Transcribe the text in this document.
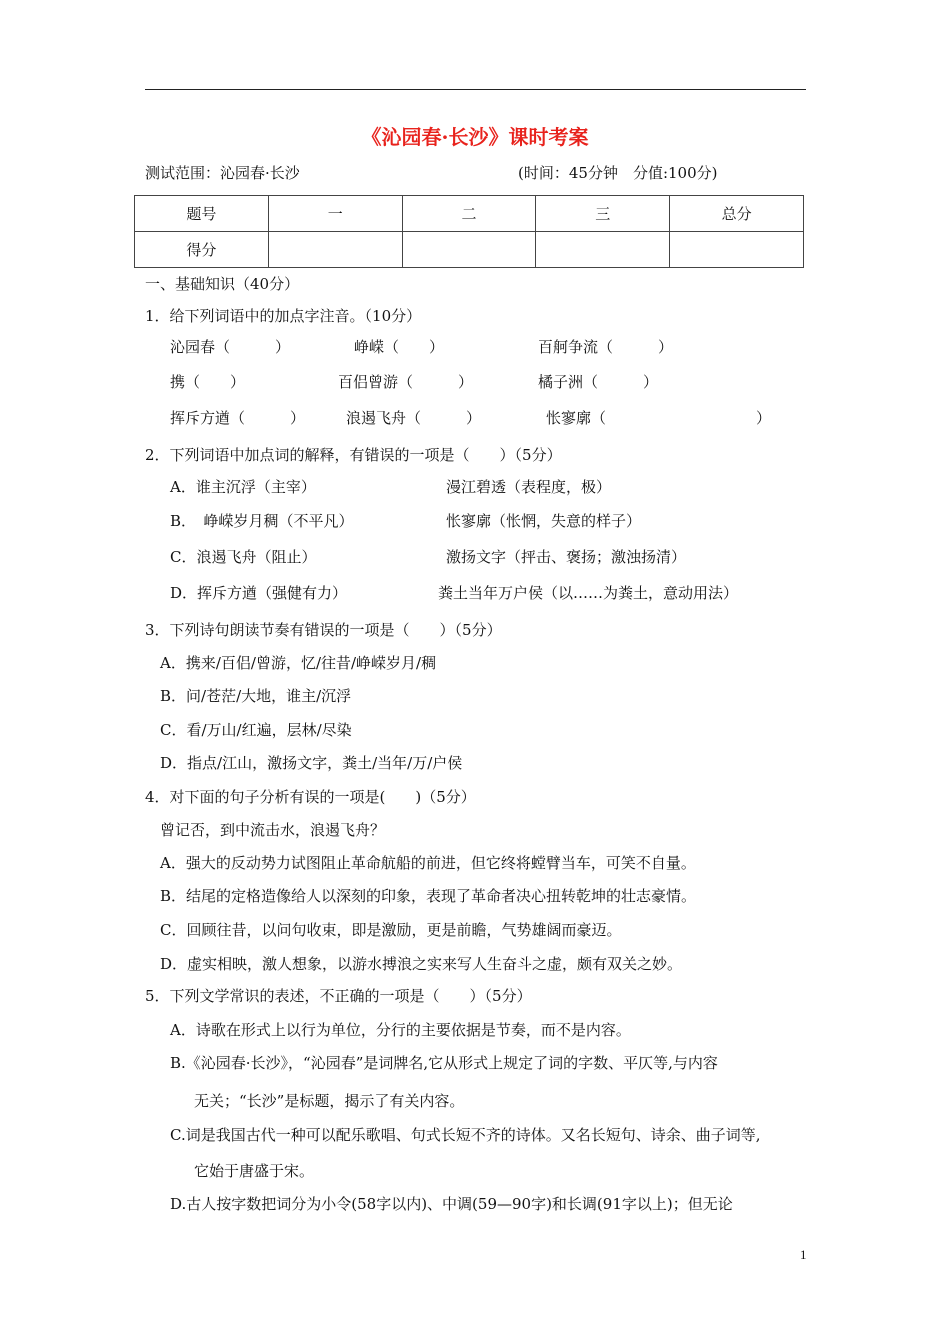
《沁园春·长沙》课时考案
测试范围：沁园春·长沙	(时间：45分钟　分值:100分)
题号	一	二	三	总分
得分				
一、基础知识（40分）
1．给下列词语中的加点字注音。（10分）
沁园春（　　　）	峥嵘（　　）	百舸争流（　　　）
携（　　）	百侣曾游（　　　）	橘子洲（　　　）
挥斥方遒（　　　）	浪遏飞舟（　　　）	怅寥廓（　　　　　　　　　　）
2．下列词语中加点词的解释，有错误的一项是（　　）（5分）
A．谁主沉浮（主宰）	漫江碧透（表程度，极）
B．　峥嵘岁月稠（不平凡）	怅寥廓（怅惘，失意的样子）
C．浪遏飞舟（阻止）	激扬文字（抨击、褒扬；激浊扬清）
D．挥斥方遒（强健有力）	粪土当年万户侯（以……为粪土，意动用法）
3．下列诗句朗读节奏有错误的一项是（　　）（5分）
A．携来/百侣/曾游，忆/往昔/峥嵘岁月/稠
B．问/苍茫/大地，谁主/沉浮
C．看/万山/红遍，层林/尽染
D．指点/江山，激扬文字，粪土/当年/万/户侯
4．对下面的句子分析有误的一项是(　　)（5分）
曾记否，到中流击水，浪遏飞舟？
A．强大的反动势力试图阻止革命航船的前进，但它终将螳臂当车，可笑不自量。
B．结尾的定格造像给人以深刻的印象，表现了革命者决心扭转乾坤的壮志豪情。
C．回顾往昔，以问句收束，即是激励，更是前瞻，气势雄阔而豪迈。
D．虚实相映，激人想象，以游水搏浪之实来写人生奋斗之虚，颇有双关之妙。
5．下列文学常识的表述，不正确的一项是（　　）（5分）
A．诗歌在形式上以行为单位，分行的主要依据是节奏，而不是内容。
B.《沁园春·长沙》，“沁园春”是词牌名,它从形式上规定了词的字数、平仄等,与内容
无关；“长沙”是标题，揭示了有关内容。
C.词是我国古代一种可以配乐歌唱、句式长短不齐的诗体。又名长短句、诗余、曲子词等,
它始于唐盛于宋。
D.古人按字数把词分为小令(58字以内)、中调(59—90字)和长调(91字以上)；但无论
1
